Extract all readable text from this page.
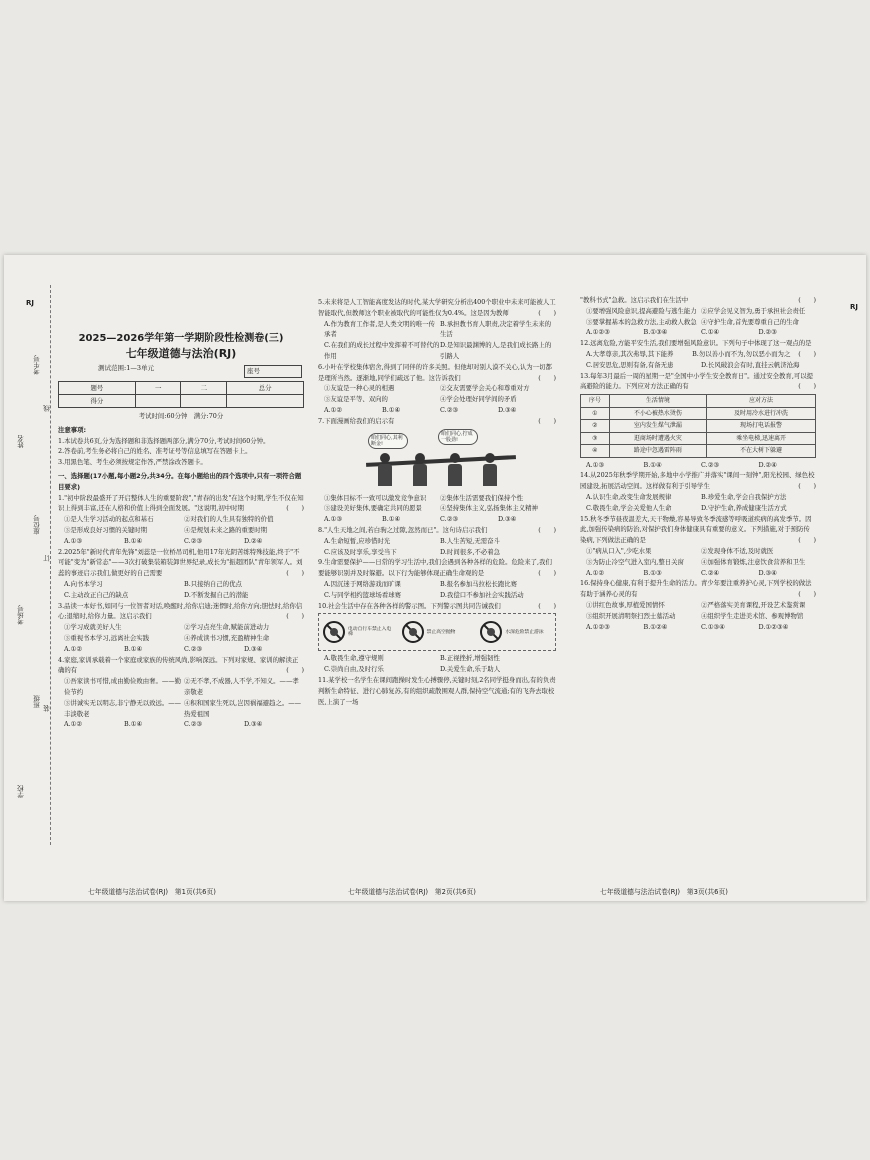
RJ	RJ
考生号
姓名
座位号
考场号
班级
学校
线
订
装
2025—2026学年第一学期阶段性检测卷(三)
七年级道德与法治(RJ)
测试范围:1—3单元	座号
题号	一	二	总分
得分			
考试时间:60分钟　满分:70分
注意事项:
1.本试卷共6页,分为选择题和非选择题两部分,满分70分,考试时间60分钟。
2.答卷前,考生务必将自己的姓名、准考证号等信息填写在答题卡上。
3.用黑色笔、考生必须按规定作答,严禁涂改答题卡。
一、选择题(17小题,每小题2分,共34分。在每小题给出的四个选项中,只有一项符合题目要求)
1."初中阶段最盛开了开启整体人生的重要阶段","青春的出发"在这个时期,学生不仅在知识上得到丰富,还在人格和价值上得到全面发展。"这说明,初中时期	(　　)
①是人生学习活动的起点和基石	②对我们的人生具有独特的价值
③是形成良好习惯的关键时期	④是规划未来之路的重要时期
A.①③	B.①④	C.②③	D.②④
2.2025年"新时代青年先锋"刘蕊是一位桥吊司机,他用17年光阴苦练特殊技能,终于"不可能"变为"新常态"——3次打破集装箱装卸世界纪录,成长为"振超团队"青年领军人。刘蕊的事迹启示我们,做更好的自己需要	(　　)
A.向书本学习	B.只接纳自己的优点
C.主动改正自己的缺点	D.不断发掘自己的潜能
3.品读一本好书,如同与一位智者对话,唤醒时,给你启迪;迷惘时,给你方向;胆怯时,给你信心;退缩时,给你力量。这启示我们	(　　)
①学习成就美好人生	②学习点亮生命,赋能前进动力
③重视书本学习,远离社会实践	④养成读书习惯,充盈精神生命
A.①②	B.①④	C.②③	D.③④
4.家庭,家训承载着一个家庭或家族的传统风尚,影响深远。下列对家规、家训的解读正确的有	(　　)
①吾家读书可惜,成由勤俭败由奢。——勤俭节约
②无不孝,不成器,人不学,不知义。——孝亲敬老
③讲诚实无以明志,非宁静无以致远。——丰淡敬老
④积和国家生死以,岂因祸福避趋之。——热爱祖国
A.①②	B.①④	C.②③	D.③④
七年级道德与法治试卷(RJ)　第1页(共6页)
5.未来将是人工智能高度发达的时代,某大学研究分析出400个职业中未来可能被人工智能取代,但教师这个职业被取代的可能性仅为0.4%。这是因为教师	(　　)
A.作为教育工作者,是人类文明的唯一传承者
B.承担教书育人职责,决定着学生未来的生活
C.在我们的成长过程中发挥着不可替代的作用
D.是知识最渊博的人,是我们成长路上的引路人
6.小叶在学校集体宿舍,得到了同伴的许多关照。但他却对别人漠不关心,认为一切都是理所当然。逐渐地,同学们疏远了他。这告诉我们	(　　)
①友谊是一种心灵的相遇	②交友需要学会关心和尊重对方
③友谊是平等、双向的	④学会处理好同学间的矛盾
A.①②	B.①④	C.②③	D.③④
7.下面漫画给我们的启示有	(　　)
咱们同心,其利断金!
咱们同心,拧成一股劲!
①集体目标不一致可以激发竞争意识	②集体生活需要我们保持个性
③建设美好集体,要确定共同的愿景	④坚持集体主义,弘扬集体主义精神
A.①③	B.①④	C.②③	D.③④
8."人生天地之间,若白驹之过隙,忽然而已"。这句诗启示我们	(　　)
A.生命短暂,应珍惜时光	B.人生苦短,无需奋斗
C.应该及时享乐,享受当下	D.时间很多,不必着急
9.生命需要保护——日常的学习生活中,我们会遇到各种各样的危险。危险来了,我们要能够识别并及时躲避。以下行为能够体现正确生命观的是	(　　)
A.因沉迷于网络游戏而旷课	B.报名参加马拉松长跑比赛
C.与同学相约篮球场看球赛	D.我偿口不参加社会实践活动
10.社会生活中存在各种各样的警示图。下列警示图共同告诫我们	(　　)
电动自行车禁止入电梯
禁止高空抛物	水深危险禁止游泳
A.敬畏生命,遵守规则	B.正视挫折,增强韧性
C.崇尚自由,及时行乐	D.关爱生命,乐于助人
11.某学校一名学生在课间跑操时发生心搏骤停,关键时刻,2名同学挺身而出,有的负责判断生命特征、进行心肺复苏,有的组织疏散围观人群,保持空气流通;有的飞奔去取校医,上演了一场
七年级道德与法治试卷(RJ)　第2页(共6页)
"教科书式"急救。这启示我们在生活中	(　　)
①要增强风险意识,提高避险与逃生能力 ②应学会见义智为,勇于承担社会责任
③要掌握基本的急救方法,主动救人救急 ④守护生命,首先要尊重自己的生命
A.①②③	B.①③④	C.①④	D.②③
12.远离危险,方能平安生活,我们要增强风险意识。下列句子中体现了这一观点的是
(　　)
A.大孝尊亲,其次弗辱,其下能养	B.勿以善小而不为,勿以恶小而为之
C.居安思危,思则有备,有备无患	D.长风破浪会有时,直挂云帆济沧海
13.每年3月最后一周的星期一是"全国中小学生安全教育日"。通过安全教育,可以提高避险的能力。下列应对方法正确的有	(　　)
序号	生活情境	应对方法
①	不小心被热水烫伤	及时用冷水进行冲洗
②	室内发生煤气泄漏	现场打电话报警
③	逛商场时遭遇火灾	乘坐电梯,迅速离开
④	路途中忽遇雷阵雨	不在大树下躲避
A.①③	B.①④	C.②③	D.②④
14.从2025年秋季学期开始,多地中小学推广并落实"课间一刻钟",阳光校园、绿色校园建设,拓展活动空间。这样做有利于引导学生	(　　)
A.认识生命,改变生命发展规律	B.珍爱生命,学会自我保护方法
C.敬畏生命,学会关爱他人生命	D.守护生命,养成健康生活方式
15.秋冬季节昼夜温差大,天干物燥,容易导致冬季流感等呼吸道疾病的高发季节。因此,加强传染病的防治,对保护我们身体健康具有重要的意义。下列措施,对于预防传染病,下列做法正确的是	(　　)
①"病从口入",少吃水果	②发现身体不适,及时就医
③为防止冷空气进入室内,整日关窗	④加强体育锻炼,注意饮食营养和卫生
A.①②	B.①③	C.②④	D.③④
16.保持身心健康,有利于提升生命的活力。青少年要注重养护心灵,下列学校的做法有助于涵养心灵的有	(　　)
①讲红色故事,厚植爱国情怀	②严格落实美育课程,开设艺术鉴赏课
③组织开展清明祭扫烈士墓活动	④组织学生走进美术馆、参观博物馆
A.①②③	B.①②④	C.①③④	D.①②③④
七年级道德与法治试卷(RJ)　第3页(共6页)
